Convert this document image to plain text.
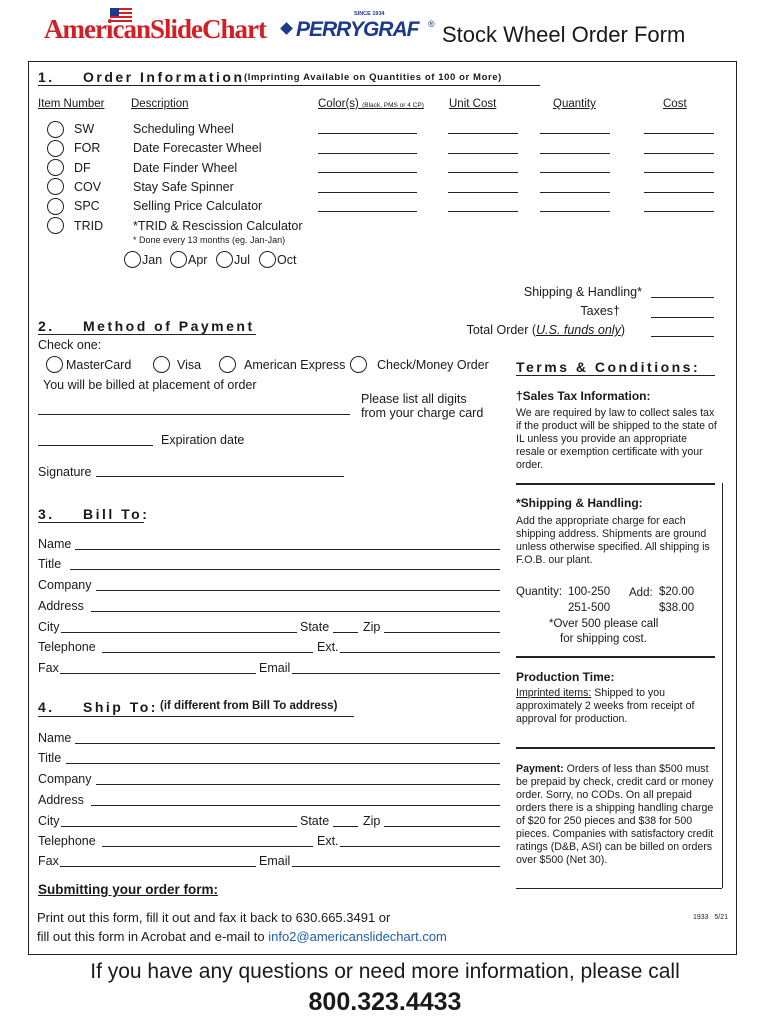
AmericanSlideChart	SINCE 1934
PERRYGRAF ® Stock Wheel Order Form
1. Order Information (Imprinting Available on Quantities of 100 or More)
Item Number Description	Color(s) (Black, PMS or 4 CP) Unit Cost	Quantity	Cost
SW	Scheduling Wheel
FOR	Date Forecaster Wheel
DF	Date Finder Wheel
COV	Stay Safe Spinner
SPC	Selling Price Calculator
TRID *TRID & Rescission Calculator
* Done every 13 months (eg. Jan-Jan)
Jan Apr Jul Oct
Shipping & Handling*
Taxes†
Total Order (U.S. funds only)
2. Method of Payment
Check one:
MasterCard	Visa	American Express	Check/Money Order
You will be billed at placement of order
Please list all digits
from your charge card
Expiration date
Signature
3. Bill To:
Name
Title
Company
Address
City	State	Zip
Telephone	Ext.
Fax	Email
4. Ship To: (if different from Bill To address)
Name
Title
Company
Address
City	State	Zip
Telephone	Ext.
Fax	Email
Submitting your order form:
Print out this form, fill it out and fax it back to 630.665.3491 or
fill out this form in Acrobat and e-mail to info2@americanslidechart.com
1933   5/21
Terms & Conditions:
†Sales Tax Information:
We are required by law to collect sales tax if the product will be shipped to the state of IL unless you provide an appropriate resale or exemption certificate with your order.
*Shipping & Handling:
Add the appropriate charge for each shipping address. Shipments are ground unless otherwise specified. All shipping is F.O.B. our plant.
Quantity: 100-250 Add: $20.00
251-500	$38.00
*Over 500 please call
for shipping cost.
Production Time:
Imprinted items: Shipped to you approximately 2 weeks from receipt of approval for production.
Payment: Orders of less than $500 must be prepaid by check, credit card or money order. Sorry, no CODs. On all prepaid orders there is a shipping handling charge of $20 for 250 pieces and $38 for 500 pieces. Companies with satisfactory credit ratings (D&B, ASI) can be billed on orders over $500 (Net 30).
If you have any questions or need more information, please call
800.323.4433
